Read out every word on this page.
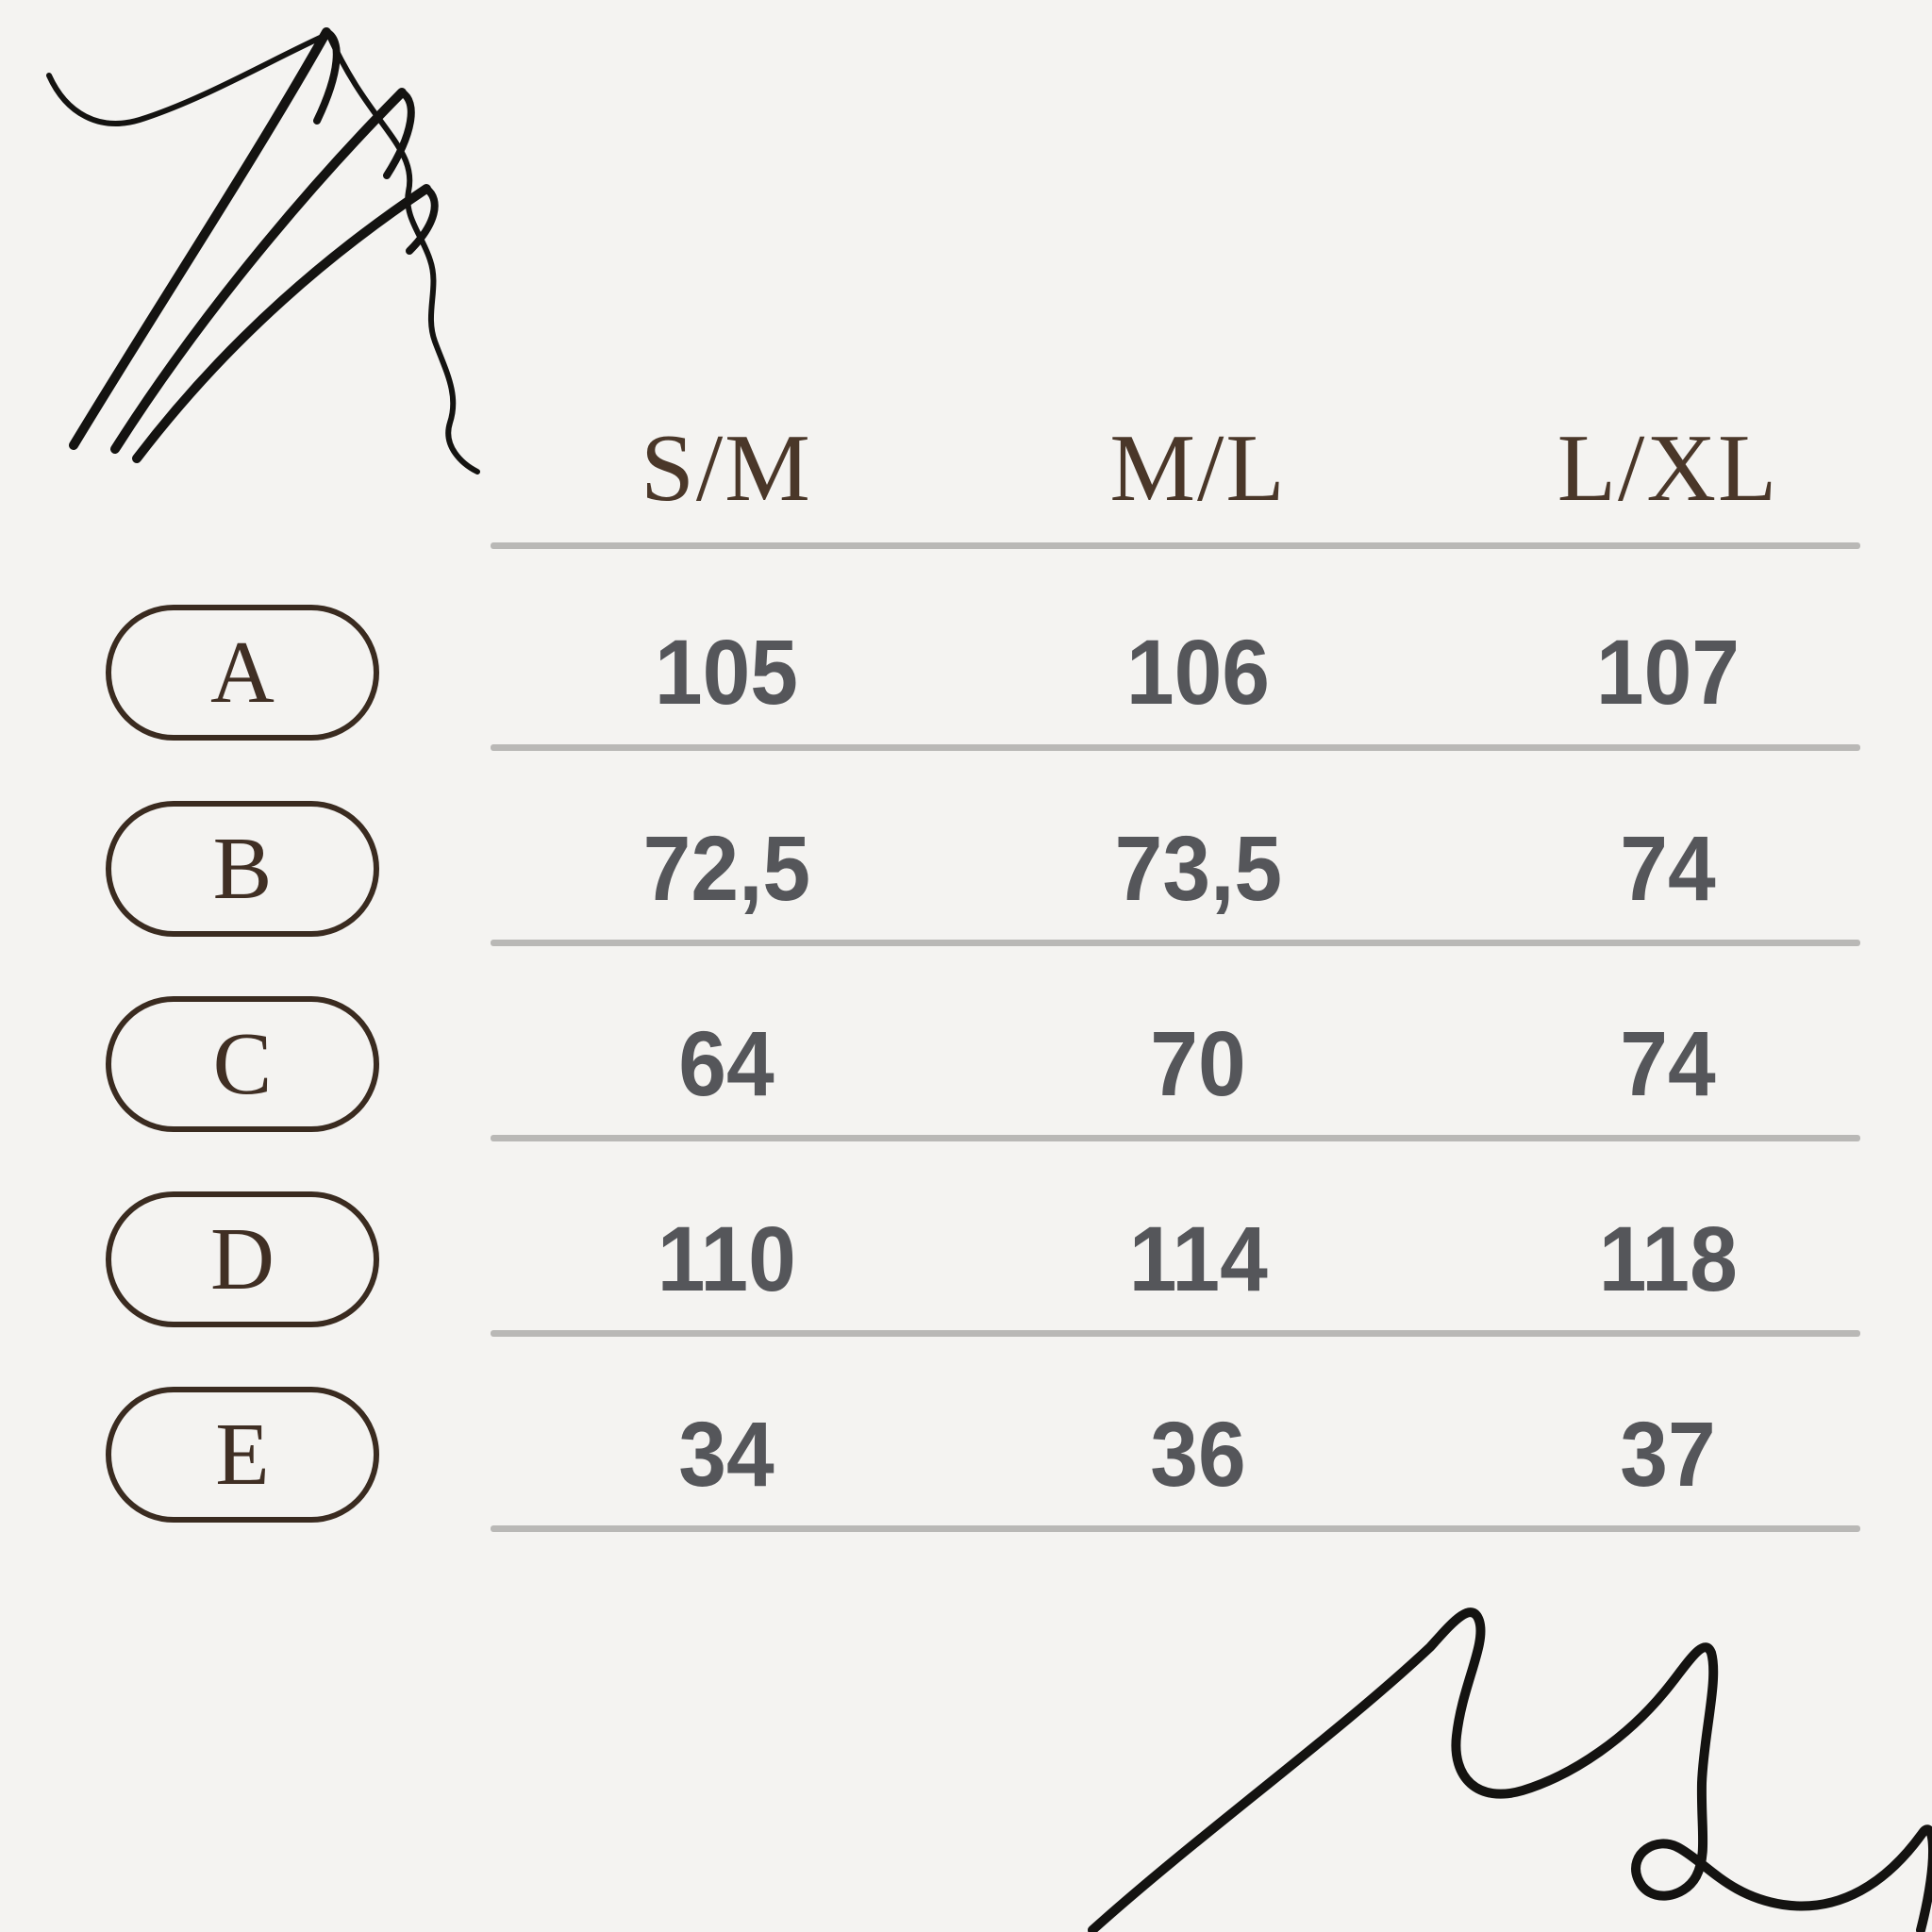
S/M	M/L	L/XL
A	105	106	107
B	72,5	73,5	74
C	64	70	74
D	110	114	118
E	34	36	37
